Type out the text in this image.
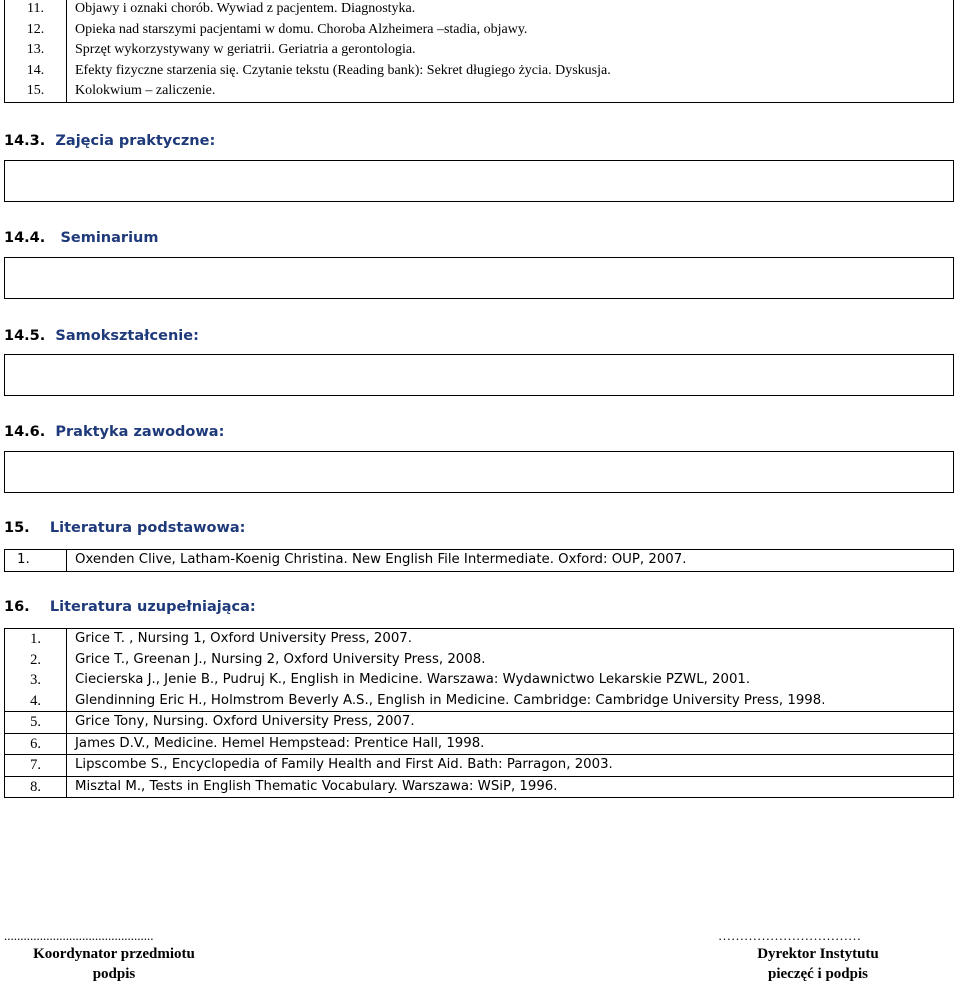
11.	Objawy i oznaki chorób. Wywiad z pacjentem. Diagnostyka.
12.	Opieka nad starszymi pacjentami w domu. Choroba Alzheimera –stadia, objawy.
13.	Sprzęt wykorzystywany w geriatrii. Geriatria a gerontologia.
14.	Efekty fizyczne starzenia się. Czytanie tekstu (Reading bank): Sekret długiego życia. Dyskusja.
15.	Kolokwium – zaliczenie.
14.3. Zajęcia praktyczne:
14.4. Seminarium
14.5. Samokształcenie:
14.6. Praktyka zawodowa:
15. Literatura podstawowa:
1.	Oxenden Clive, Latham-Koenig Christina. New English File Intermediate. Oxford: OUP, 2007.
16. Literatura uzupełniająca:
1.	Grice T. , Nursing 1, Oxford University Press, 2007.
2.	Grice T., Greenan J., Nursing 2, Oxford University Press, 2008.
3.	Ciecierska J., Jenie B., Pudruj K., English in Medicine. Warszawa: Wydawnictwo Lekarskie PZWL, 2001.
4.	Glendinning Eric H., Holmstrom Beverly A.S., English in Medicine. Cambridge: Cambridge University Press, 1998.
5.	Grice Tony, Nursing. Oxford University Press, 2007.
6.	James D.V., Medicine. Hemel Hempstead: Prentice Hall, 1998.
7.	Lipscombe S., Encyclopedia of Family Health and First Aid. Bath: Parragon, 2003.
8.	Misztal M., Tests in English Thematic Vocabulary. Warszawa: WSiP, 1996.
..............................................
Koordynator przedmiotu
podpis
……………………………
Dyrektor Instytutu
pieczęć i podpis
